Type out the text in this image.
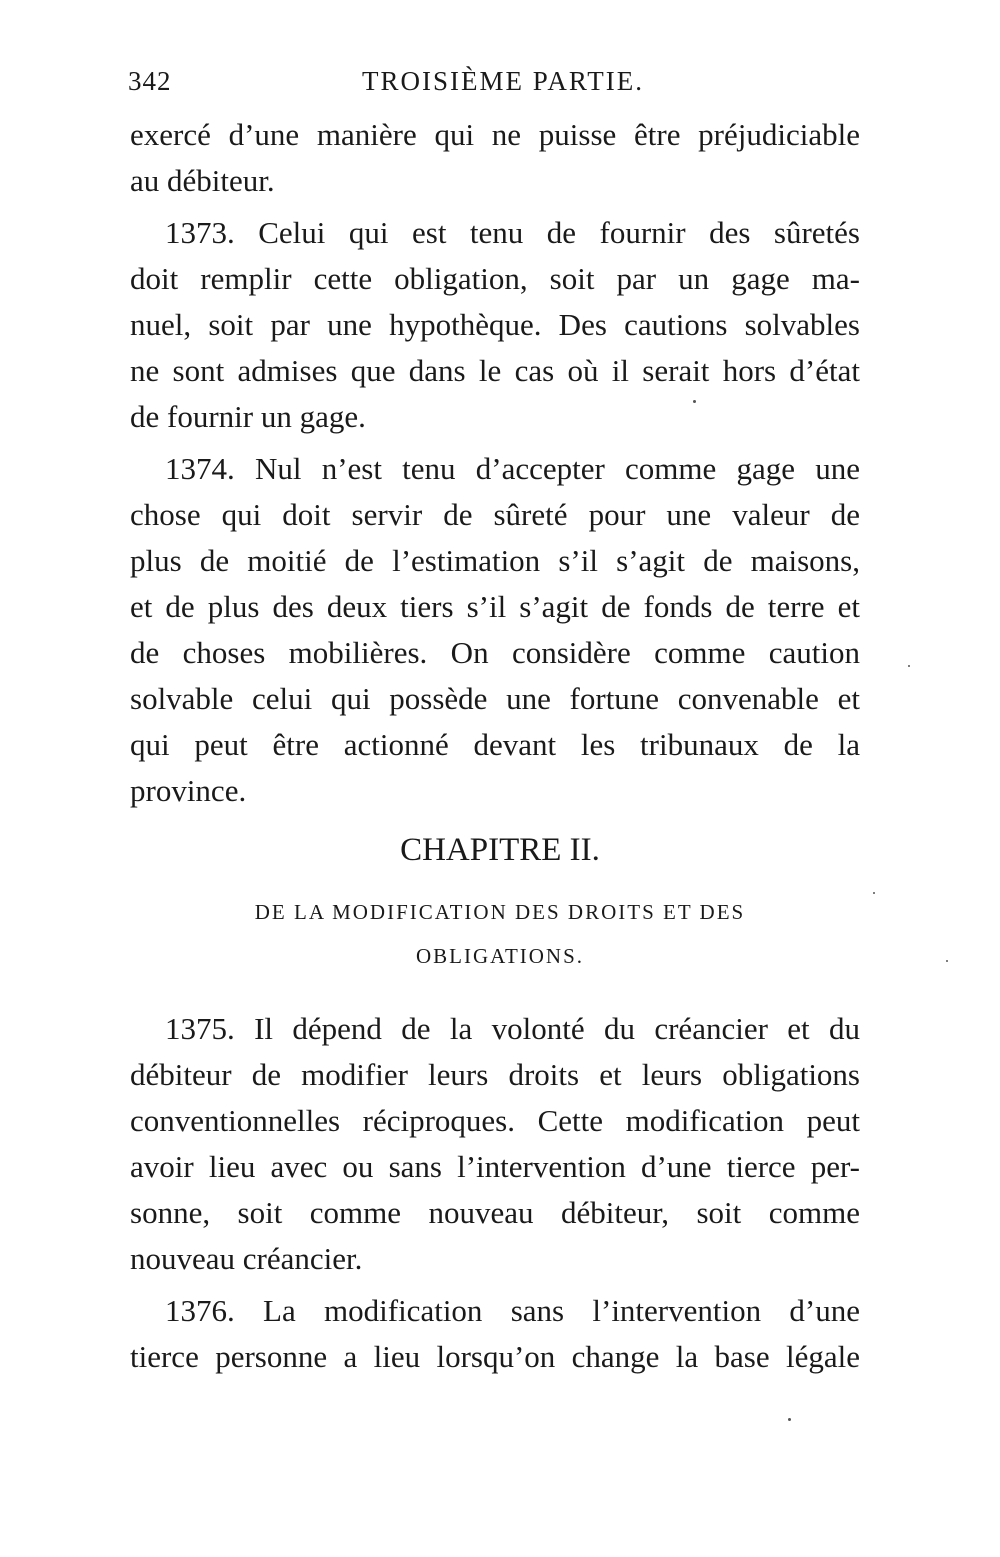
342	TROISIÈME PARTIE.
exercé d’une manière qui ne puisse être préjudiciable
au débiteur.
1373. Celui qui est tenu de fournir des sûretés
doit remplir cette obligation, soit par un gage ma-
nuel, soit par une hypothèque. Des cautions solvables
ne sont admises que dans le cas où il serait hors d’état
de fournir un gage.
1374. Nul n’est tenu d’accepter comme gage une
chose qui doit servir de sûreté pour une valeur de
plus de moitié de l’estimation s’il s’agit de maisons,
et de plus des deux tiers s’il s’agit de fonds de terre et
de choses mobilières. On considère comme caution
solvable celui qui possède une fortune convenable et
qui peut être actionné devant les tribunaux de la
province.
CHAPITRE II.
DE LA MODIFICATION DES DROITS ET DES
OBLIGATIONS.
1375. Il dépend de la volonté du créancier et du
débiteur de modifier leurs droits et leurs obligations
conventionnelles réciproques. Cette modification peut
avoir lieu avec ou sans l’intervention d’une tierce per-
sonne, soit comme nouveau débiteur, soit comme
nouveau créancier.
1376. La modification sans l’intervention d’une
tierce personne a lieu lorsqu’on change la base légale
